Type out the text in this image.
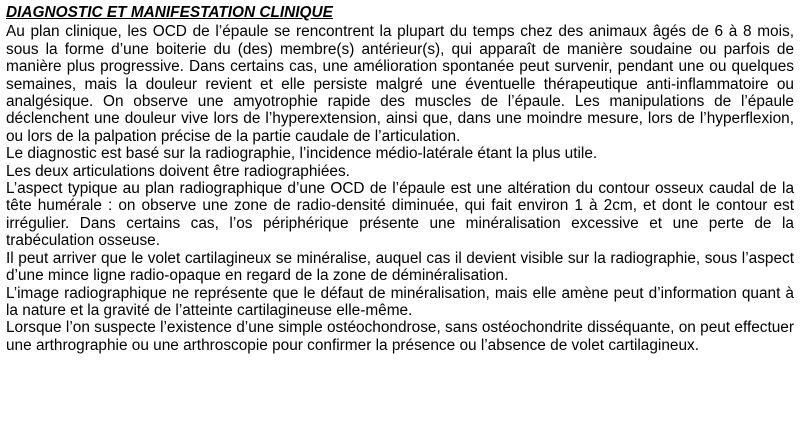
DIAGNOSTIC ET MANIFESTATION CLINIQUE

Au plan clinique, les OCD de l’épaule se rencontrent la plupart du temps chez des animaux âgés de 6 à 8 mois, sous la forme d’une boiterie du (des) membre(s) antérieur(s), qui apparaît de manière soudaine ou parfois de manière plus progressive. Dans certains cas, une amélioration spontanée peut survenir, pendant une ou quelques semaines, mais la douleur revient et elle persiste malgré une éventuelle thérapeutique anti-inflammatoire ou analgésique. On observe une amyotrophie rapide des muscles de l’épaule. Les manipulations de l’épaule déclenchent une douleur vive lors de l’hyperextension, ainsi que, dans une moindre mesure, lors de l’hyperflexion, ou lors de la palpation précise de la partie caudale de l’articulation.

Le diagnostic est basé sur la radiographie, l’incidence médio-latérale étant la plus utile.

Les deux articulations doivent être radiographiées.

L’aspect typique au plan radiographique d’une OCD de l’épaule est une altération du contour osseux caudal de la tête humérale : on observe une zone de radio-densité diminuée, qui fait environ 1 à 2cm, et dont le contour est irrégulier. Dans certains cas, l’os périphérique présente une minéralisation excessive et une perte de la trabéculation osseuse.

Il peut arriver que le volet cartilagineux se minéralise, auquel cas il devient visible sur la radiographie, sous l’aspect d’une mince ligne radio-opaque en regard de la zone de déminéralisation.

L’image radiographique ne représente que le défaut de minéralisation, mais elle amène peut d’information quant à la nature et la gravité de l’atteinte cartilagineuse elle-même.

Lorsque l’on suspecte l’existence d’une simple ostéochondrose, sans ostéochondrite disséquante, on peut effectuer une arthrographie ou une arthroscopie pour confirmer la présence ou l’absence de volet cartilagineux.
